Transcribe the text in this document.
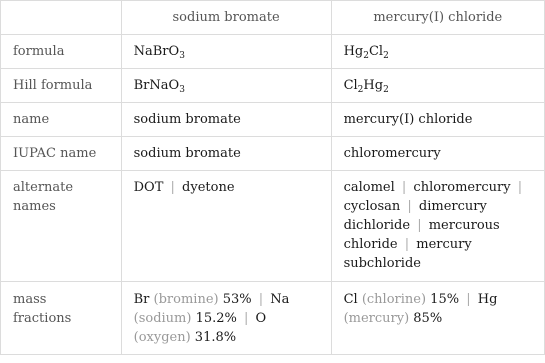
	sodium bromate	mercury(I) chloride
formula	NaBrO$_3$	$Hg_2Cl_2$
Hill formula	BrNaO$_3$	$Cl_2Hg_2$
name	sodium bromate	mercury(I) chloride
IUPAC name	sodium bromate	chloromercury
alternate names	DOT | dyetone	calomel | chloromercury | cyclosan | dimercury dichloride | mercurous chloride | mercury subchloride
mass fractions	Br (bromine) 53% | Na (sodium) 15.2% | O (oxygen) 31.8%	Cl (chlorine) 15% | Hg (mercury) 85%
